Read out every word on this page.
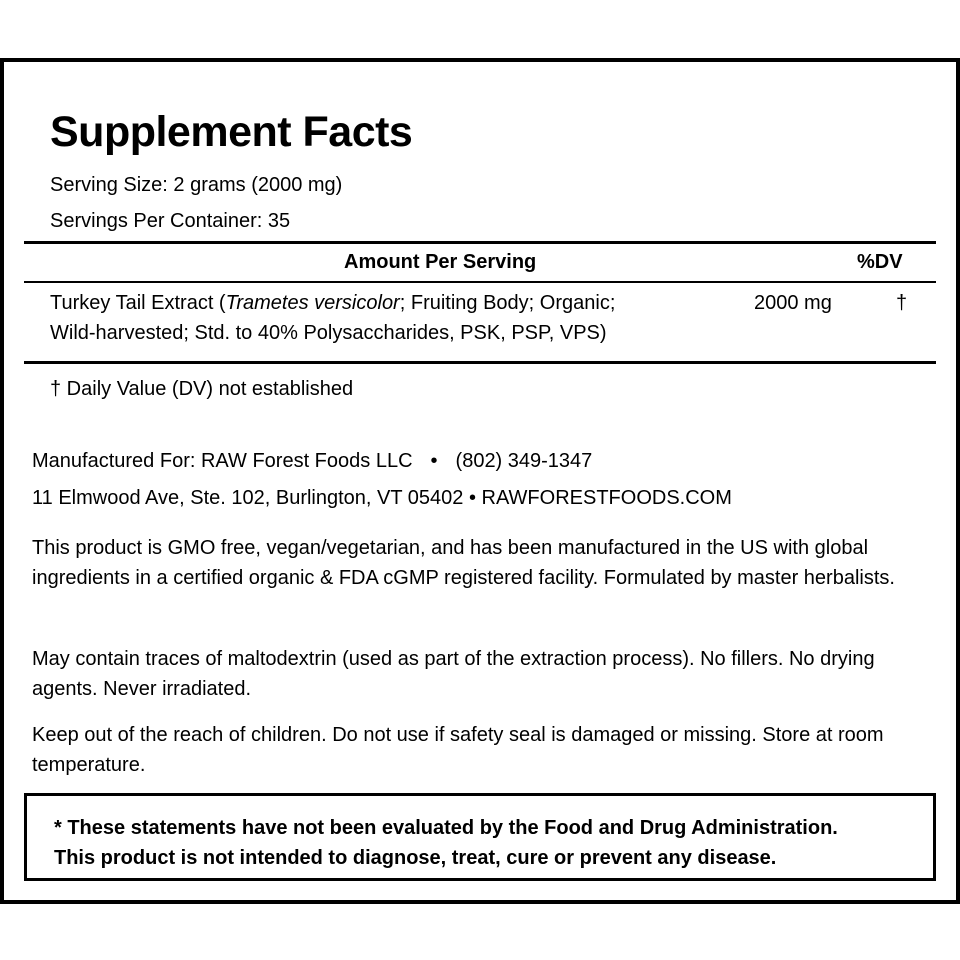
Supplement Facts
Serving Size: 2 grams (2000 mg)
Servings Per Container: 35
Amount Per Serving	%DV
Turkey Tail Extract (Trametes versicolor; Fruiting Body; Organic;
Wild-harvested; Std. to 40% Polysaccharides, PSK, PSP, VPS)
2000 mg	†
† Daily Value (DV) not established
Manufactured For: RAW Forest Foods LLC • (802) 349-1347
11 Elmwood Ave, Ste. 102, Burlington, VT 05402 • RAWFORESTFOODS.COM
This product is GMO free, vegan/vegetarian, and has been manufactured in the US with global ingredients in a certified organic & FDA cGMP registered facility. Formulated by master herbalists.
May contain traces of maltodextrin (used as part of the extraction process). No fillers. No drying agents. Never irradiated.
Keep out of the reach of children. Do not use if safety seal is damaged or missing. Store at room temperature.
* These statements have not been evaluated by the Food and Drug Administration.
This product is not intended to diagnose, treat, cure or prevent any disease.
